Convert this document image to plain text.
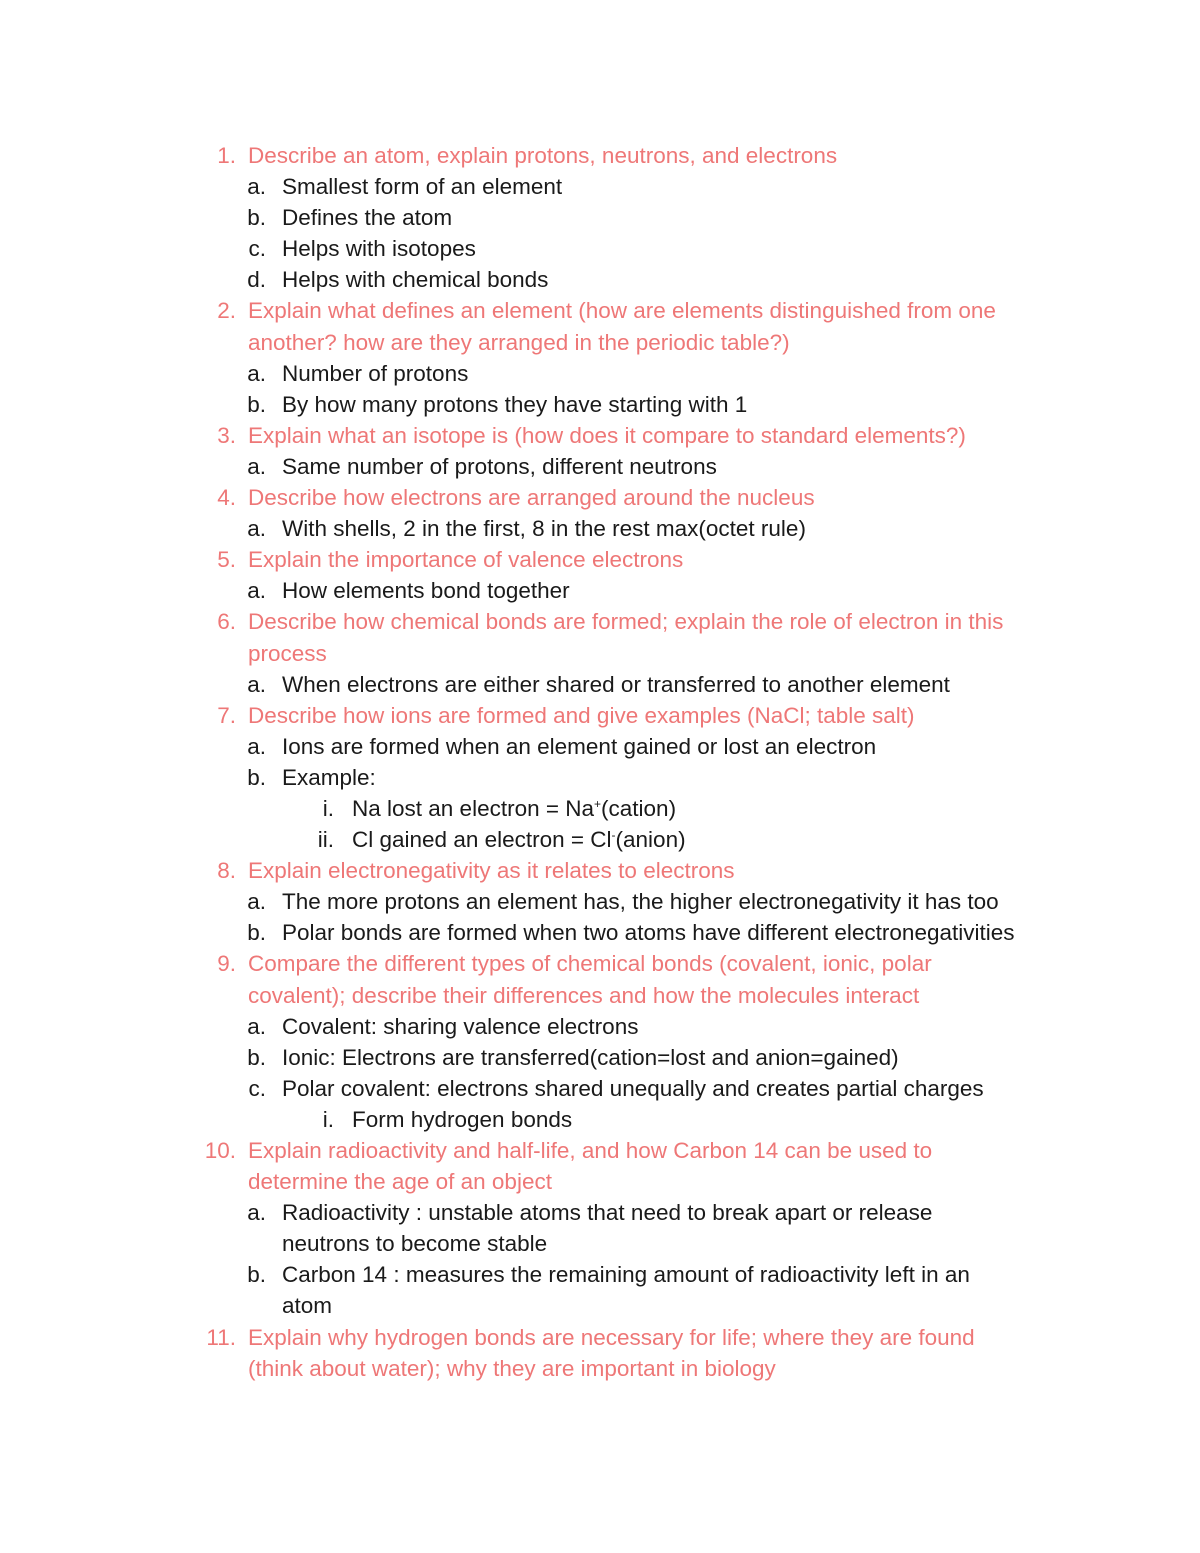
1. Describe an atom, explain protons, neutrons, and electrons
a. Smallest form of an element
b. Defines the atom
c. Helps with isotopes
d. Helps with chemical bonds
2. Explain what defines an element (how are elements distinguished from one
another? how are they arranged in the periodic table?)
a. Number of protons
b. By how many protons they have starting with 1
3. Explain what an isotope is (how does it compare to standard elements?)
a. Same number of protons, different neutrons
4. Describe how electrons are arranged around the nucleus
a. With shells, 2 in the first, 8 in the rest max(octet rule)
5. Explain the importance of valence electrons
a. How elements bond together
6. Describe how chemical bonds are formed; explain the role of electron in this
process
a. When electrons are either shared or transferred to another element
7. Describe how ions are formed and give examples (NaCl; table salt)
a. Ions are formed when an element gained or lost an electron
b. Example:
i. Na lost an electron = Na+(cation)
ii. Cl gained an electron = Cl-(anion)
8. Explain electronegativity as it relates to electrons
a. The more protons an element has, the higher electronegativity it has too
b. Polar bonds are formed when two atoms have different electronegativities
9. Compare the different types of chemical bonds (covalent, ionic, polar
covalent); describe their differences and how the molecules interact
a. Covalent: sharing valence electrons
b. Ionic: Electrons are transferred(cation=lost and anion=gained)
c. Polar covalent: electrons shared unequally and creates partial charges
i. Form hydrogen bonds
10. Explain radioactivity and half-life, and how Carbon 14 can be used to
determine the age of an object
a. Radioactivity : unstable atoms that need to break apart or release
neutrons to become stable
b. Carbon 14 : measures the remaining amount of radioactivity left in an
atom
11. Explain why hydrogen bonds are necessary for life; where they are found
(think about water); why they are important in biology
